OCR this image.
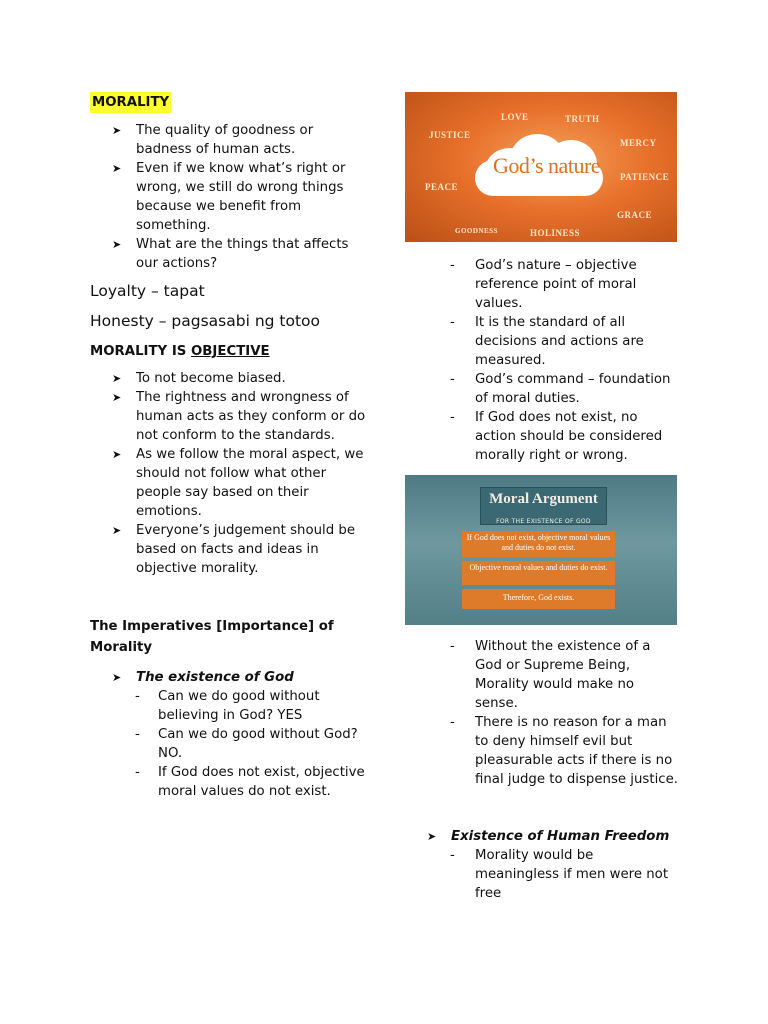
MORALITY
➤ The quality of goodness or badness of human acts.
➤ Even if we know what’s right or wrong, we still do wrong things because we benefit from something.
➤ What are the things that affects our actions?

Loyalty – tapat

Honesty – pagsasabi ng totoo

MORALITY IS OBJECTIVE

➤ To not become biased.
➤ The rightness and wrongness of human acts as they conform or do not conform to the standards.
➤ As we follow the moral aspect, we should not follow what other people say based on their emotions.
➤ Everyone’s judgement should be based on facts and ideas in objective morality.

The Imperatives [Importance] of Morality

➤ The existence of God
- Can we do good without believing in God? YES
- Can we do good without God? NO.
- If God does not exist, objective moral values do not exist.
God’s nature
LOVE	TRUTH
JUSTICE
MERCY
PEACE
PATIENCE
GRACE
GOODNESS	HOLINESS
- God’s nature – objective reference point of moral values.
- It is the standard of all decisions and actions are measured.
- God’s command – foundation of moral duties.
- If God does not exist, no action should be considered morally right or wrong.
Moral Argument
FOR THE EXISTENCE OF GOD
If God does not exist, objective moral values and duties do not exist.
Objective moral values and duties do exist.
Therefore, God exists.
- Without the existence of a God or Supreme Being, Morality would make no sense.
- There is no reason for a man to deny himself evil but pleasurable acts if there is no final judge to dispense justice.
➤ Existence of Human Freedom
- Morality would be meaningless if men were not free
